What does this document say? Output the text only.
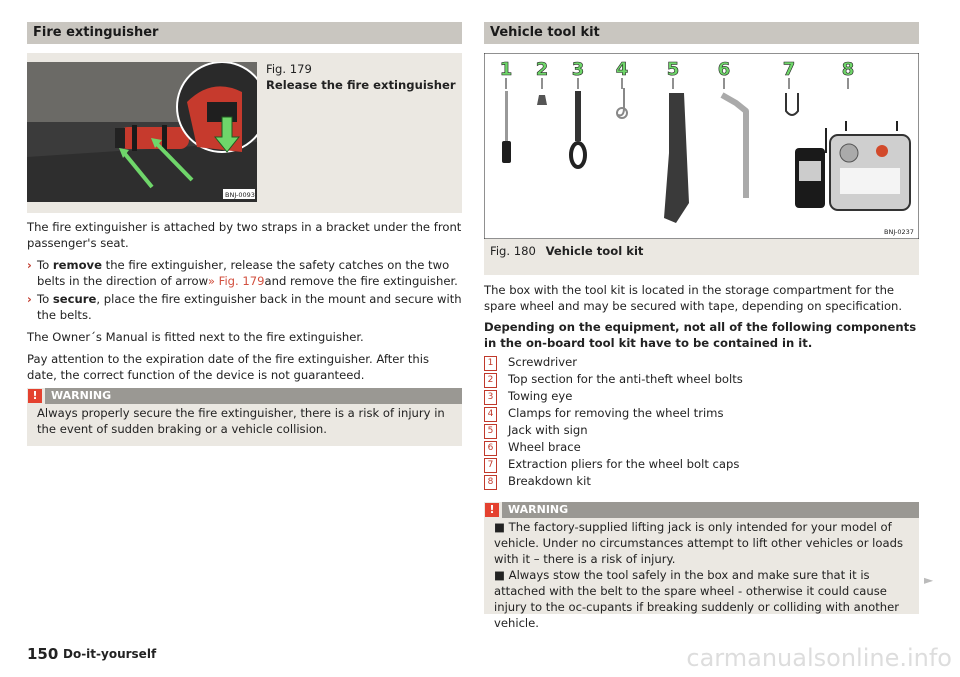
Fire extinguisher
BNJ-0093
Fig. 179
Release the fire extinguisher

The fire extinguisher is attached by two straps in a bracket under the front passenger's seat.

› To remove the fire extinguisher, release the safety catches on the two belts in the direction of arrow» Fig. 179and remove the fire extinguisher.
› To secure, place the fire extinguisher back in the mount and secure with the belts.

The Owner´s Manual is fitted next to the fire extinguisher.

Pay attention to the expiration date of the fire extinguisher. After this date, the correct function of the device is not guaranteed.

!	WARNING
Always properly secure the fire extinguisher, there is a risk of injury in the event of sudden braking or a vehicle collision.
Vehicle tool kit
1 2 3 4 5 6	7	8
BNJ-0237
Fig. 180 Vehicle tool kit

The box with the tool kit is located in the storage compartment for the spare wheel and may be secured with tape, depending on specification.

Depending on the equipment, not all of the following components in the on-board tool kit have to be contained in it.

1	Screwdriver
2	Top section for the anti-theft wheel bolts
3	Towing eye
4	Clamps for removing the wheel trims
5	Jack with sign
6	Wheel brace
7	Extraction pliers for the wheel bolt caps
8	Breakdown kit
!	WARNING
■ The factory-supplied lifting jack is only intended for your model of vehicle. Under no circumstances attempt to lift other vehicles or loads with it – there is a risk of injury.
■ Always stow the tool safely in the box and make sure that it is attached with the belt to the spare wheel - otherwise it could cause injury to the oc-cupants if breaking suddenly or colliding with another vehicle.
►
150 Do-it-yourself	carmanualsonline.info
